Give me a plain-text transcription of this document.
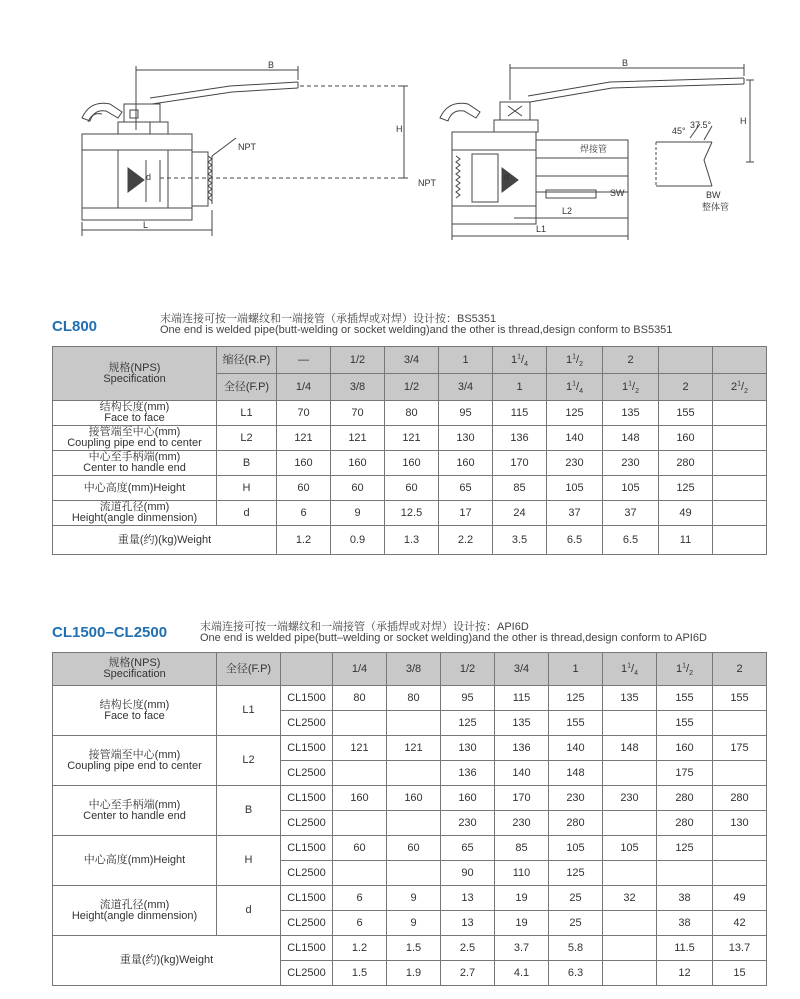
B
H
L
NPT
d
B
H
L1
L2
NPT
d
SW
焊接管
BW
整体管
45°
37.5°
CL800	末端连接可按一端螺纹和一端接管（承插焊或对焊）设计按：BS5351
One end is welded pipe(butt-welding or socket welding)and the other is thread,design conform to BS5351
规格(NPS)
Specification	缩径(R.P)	—	1/2	3/4	1	$1^1/_4$	$1^1/_2$	2		
	全径(F.P)	1/4	3/8	1/2	3/4	1	$1^1/_4$	$1^1/_2$	2	$2^1/_2$

结构长度(mm)
Face to face	L1	70	70	80	95	115	125	135	155	

接管端至中心(mm)
Coupling pipe end to center	L2	121	121	121	130	136	140	148	160	

中心至手柄端(mm)
Center to handle end	B	160	160	160	160	170	230	230	280	

中心高度(mm)Height	H	60	60	60	65	85	105	105	125	

流道孔径(mm)
Height(angle dinmension)	d	6	9	12.5	17	24	37	37	49	
重量(约)(kg)Weight		1.2	0.9	1.3	2.2	3.5	6.5	6.5	11	
CL1500–CL2500	末端连接可按一端螺纹和一端接管（承插焊或对焊）设计按：API6D
One end is welded pipe(butt–welding or socket welding)and the other is thread,design conform to API6D
规格(NPS)
Specification	全径(F.P)		1/4	3/8	1/2	3/4	1	$1^1/_4$	$1^1/_2$	2

结构长度(mm)
Face to face	L1	CL1500	80	80	95	115	125	135	155	155
		CL2500			125	135	155		155	

接管端至中心(mm)
Coupling pipe end to center	L2	CL1500	121	121	130	136	140	148	160	175
		CL2500			136	140	148		175	

中心至手柄端(mm)
Center to handle end	B	CL1500	160	160	160	170	230	230	280	280
		CL2500			230	230	280		280	130

中心高度(mm)Height	H	CL1500	60	60	65	85	105	105	125	
		CL2500			90	110	125			

流道孔径(mm)
Height(angle dinmension)	d	CL1500	6	9	13	19	25	32	38	49
		CL2500	6	9	13	19	25		38	42
重量(约)(kg)Weight		CL1500	1.2	1.5	2.5	3.7	5.8		11.5	13.7
		CL2500	1.5	1.9	2.7	4.1	6.3		12	15
